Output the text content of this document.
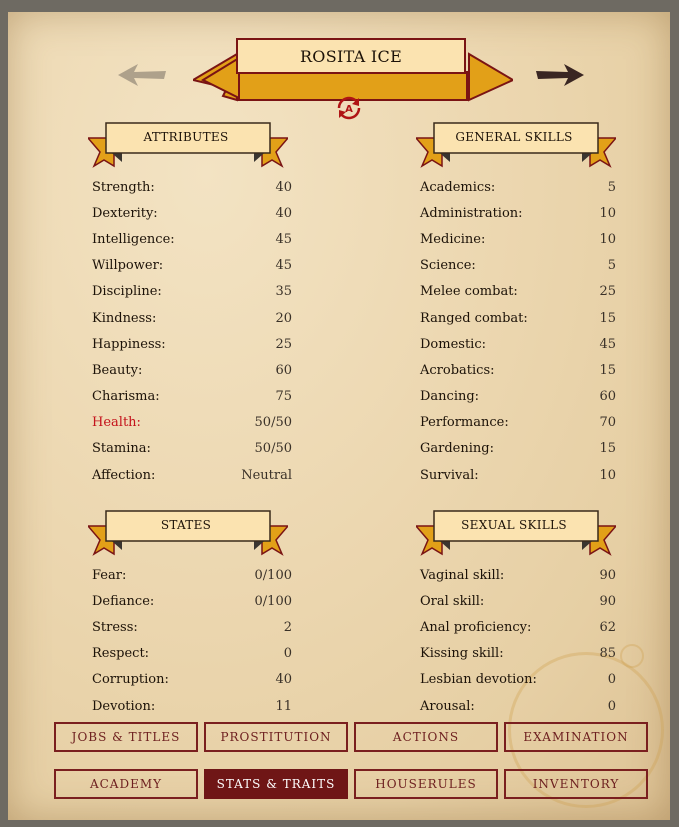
ROSITA ICE
A
ATTRIBUTES	GENERAL SKILLS
STATES	SEXUAL SKILLS
Strength:	40
Dexterity:	40
Intelligence:	45
Willpower:	45
Discipline:	35
Kindness:	20
Happiness:	25
Beauty:	60
Charisma:	75
Health:	50/50
Stamina:	50/50
Affection:	Neutral
Academics:	5
Administration:	10
Medicine:	10
Science:	5
Melee combat:	25
Ranged combat:	15
Domestic:	45
Acrobatics:	15
Dancing:	60
Performance:	70
Gardening:	15
Survival:	10
Fear:	0/100
Defiance:	0/100
Stress:	2
Respect:	0
Corruption:	40
Devotion:	11
Vaginal skill:	90
Oral skill:	90
Anal proficiency:	62
Kissing skill:	85
Lesbian devotion:	0
Arousal:	0
JOBS & TITLES	PROSTITUTION	ACTIONS	EXAMINATION
ACADEMY	STATS & TRAITS	HOUSERULES	INVENTORY
